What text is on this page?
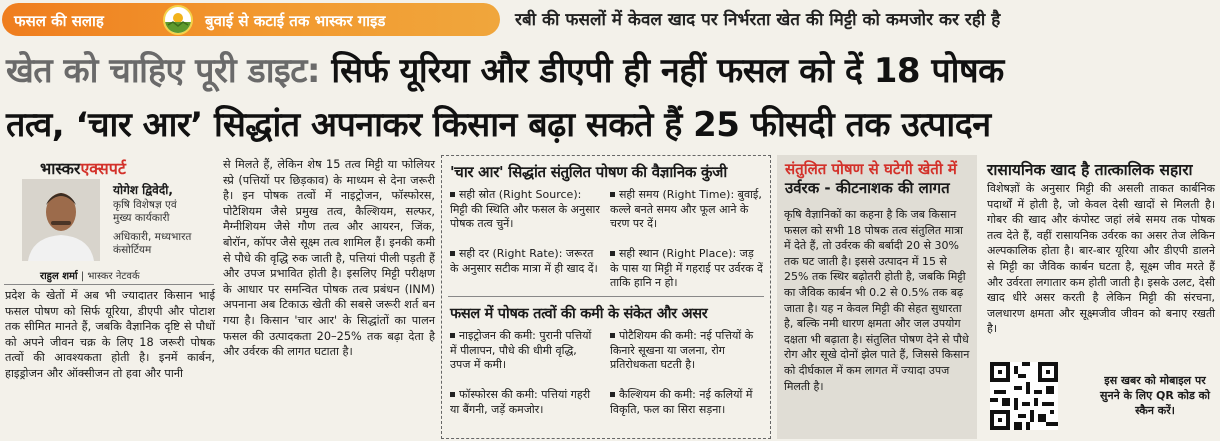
फसल की सलाह	बुवाई से कटाई तक भास्कर गाइड	रबी की फसलों में केवल खाद पर निर्भरता खेत की मिट्टी को कमजोर कर रही है
खेत को चाहिए पूरी डाइट: सिर्फ यूरिया और डीएपी ही नहीं फसल को दें 18 पोषक
तत्व, ‘चार आर’ सिद्धांत अपनाकर किसान बढ़ा सकते हैं 25 फीसदी तक उत्पादन
भास्करएक्सपर्ट
योगेश द्विवेदी,
कृषि विशेषज्ञ एवं
मुख्य कार्यकारी
अधिकारी, मध्यभारत
कंसोर्टियम
राहुल शर्मा | भास्कर नेटवर्क
प्रदेश के खेतों में अब भी ज्यादातर किसान भाई फसल पोषण को सिर्फ यूरिया, डीएपी और पोटाश तक सीमित मानते हैं, जबकि वैज्ञानिक दृष्टि से पौधों को अपने जीवन चक्र के लिए 18 जरूरी पोषक तत्वों की आवश्यकता होती है। इनमें कार्बन, हाइड्रोजन और ऑक्सीजन तो हवा और पानी
से मिलते हैं, लेकिन शेष 15 तत्व मिट्टी या फोलियर स्प्रे (पत्तियों पर छिड़काव) के माध्यम से देना जरूरी है। इन पोषक तत्वों में नाइट्रोजन, फॉस्फोरस, पोटैशियम जैसे प्रमुख तत्व, कैल्शियम, सल्फर, मैग्नीशियम जैसे गौण तत्व और आयरन, जिंक, बोरॉन, कॉपर जैसे सूक्ष्म तत्व शामिल हैं। इनकी कमी से पौधे की वृद्धि रुक जाती है, पत्तियां पीली पड़ती हैं और उपज प्रभावित होती है। इसलिए मिट्टी परीक्षण के आधार पर समन्वित पोषक तत्व प्रबंधन (INM) अपनाना अब टिकाऊ खेती की सबसे जरूरी शर्त बन गया है। किसान 'चार आर' के सिद्धांतों का पालन फसल की उत्पादकता 20–25% तक बढ़ा देता है और उर्वरक की लागत घटाता है।
'चार आर' सिद्धांत संतुलित पोषण की वैज्ञानिक कुंजी
सही स्रोत (Right Source): मिट्टी की स्थिति और फसल के अनुसार पोषक तत्व चुनें।
सही दर (Right Rate): जरूरत के अनुसार सटीक मात्रा में ही खाद दें।
सही समय (Right Time): बुवाई, कल्ले बनते समय और फूल आने के चरण पर दें।
सही स्थान (Right Place): जड़ के पास या मिट्टी में गहराई पर उर्वरक दें ताकि हानि न हो।
फसल में पोषक तत्वों की कमी के संकेत और असर
नाइट्रोजन की कमी: पुरानी पत्तियों में पीलापन, पौधे की धीमी वृद्धि, उपज में कमी।
फॉस्फोरस की कमी: पत्तियां गहरी या बैंगनी, जड़ें कमजोर।
पोटैशियम की कमी: नई पत्तियों के किनारे सूखना या जलना, रोग प्रतिरोधकता घटती है।
कैल्शियम की कमी: नई कलियों में विकृति, फल का सिरा सड़ना।
संतुलित पोषण से घटेगी खेती में उर्वरक - कीटनाशक की लागत
कृषि वैज्ञानिकों का कहना है कि जब किसान फसल को सभी 18 पोषक तत्व संतुलित मात्रा में देते हैं, तो उर्वरक की बर्बादी 20 से 30% तक घट जाती है। इससे उत्पादन में 15 से 25% तक स्थिर बढ़ोतरी होती है, जबकि मिट्टी का जैविक कार्बन भी 0.2 से 0.5% तक बढ़ जाता है। यह न केवल मिट्टी की सेहत सुधारता है, बल्कि नमी धारण क्षमता और जल उपयोग दक्षता भी बढ़ाता है। संतुलित पोषण देने से पौधे रोग और सूखे दोनों झेल पाते हैं, जिससे किसान को दीर्घकाल में कम लागत में ज्यादा उपज मिलती है।
रासायनिक खाद है तात्कालिक सहारा
विशेषज्ञों के अनुसार मिट्टी की असली ताकत कार्बनिक पदार्थों में होती है, जो केवल देसी खादों से मिलती है। गोबर की खाद और कंपोस्ट जहां लंबे समय तक पोषक तत्व देते हैं, वहीं रासायनिक उर्वरक का असर तेज लेकिन अल्पकालिक होता है। बार-बार यूरिया और डीएपी डालने से मिट्टी का जैविक कार्बन घटता है, सूक्ष्म जीव मरते हैं और उर्वरता लगातार कम होती जाती है। इसके उलट, देसी खाद धीरे असर करती है लेकिन मिट्टी की संरचना, जलधारण क्षमता और सूक्ष्मजीव जीवन को बनाए रखती है।
इस खबर को मोबाइल पर सुनने के लिए QR कोड को स्कैन करें।
